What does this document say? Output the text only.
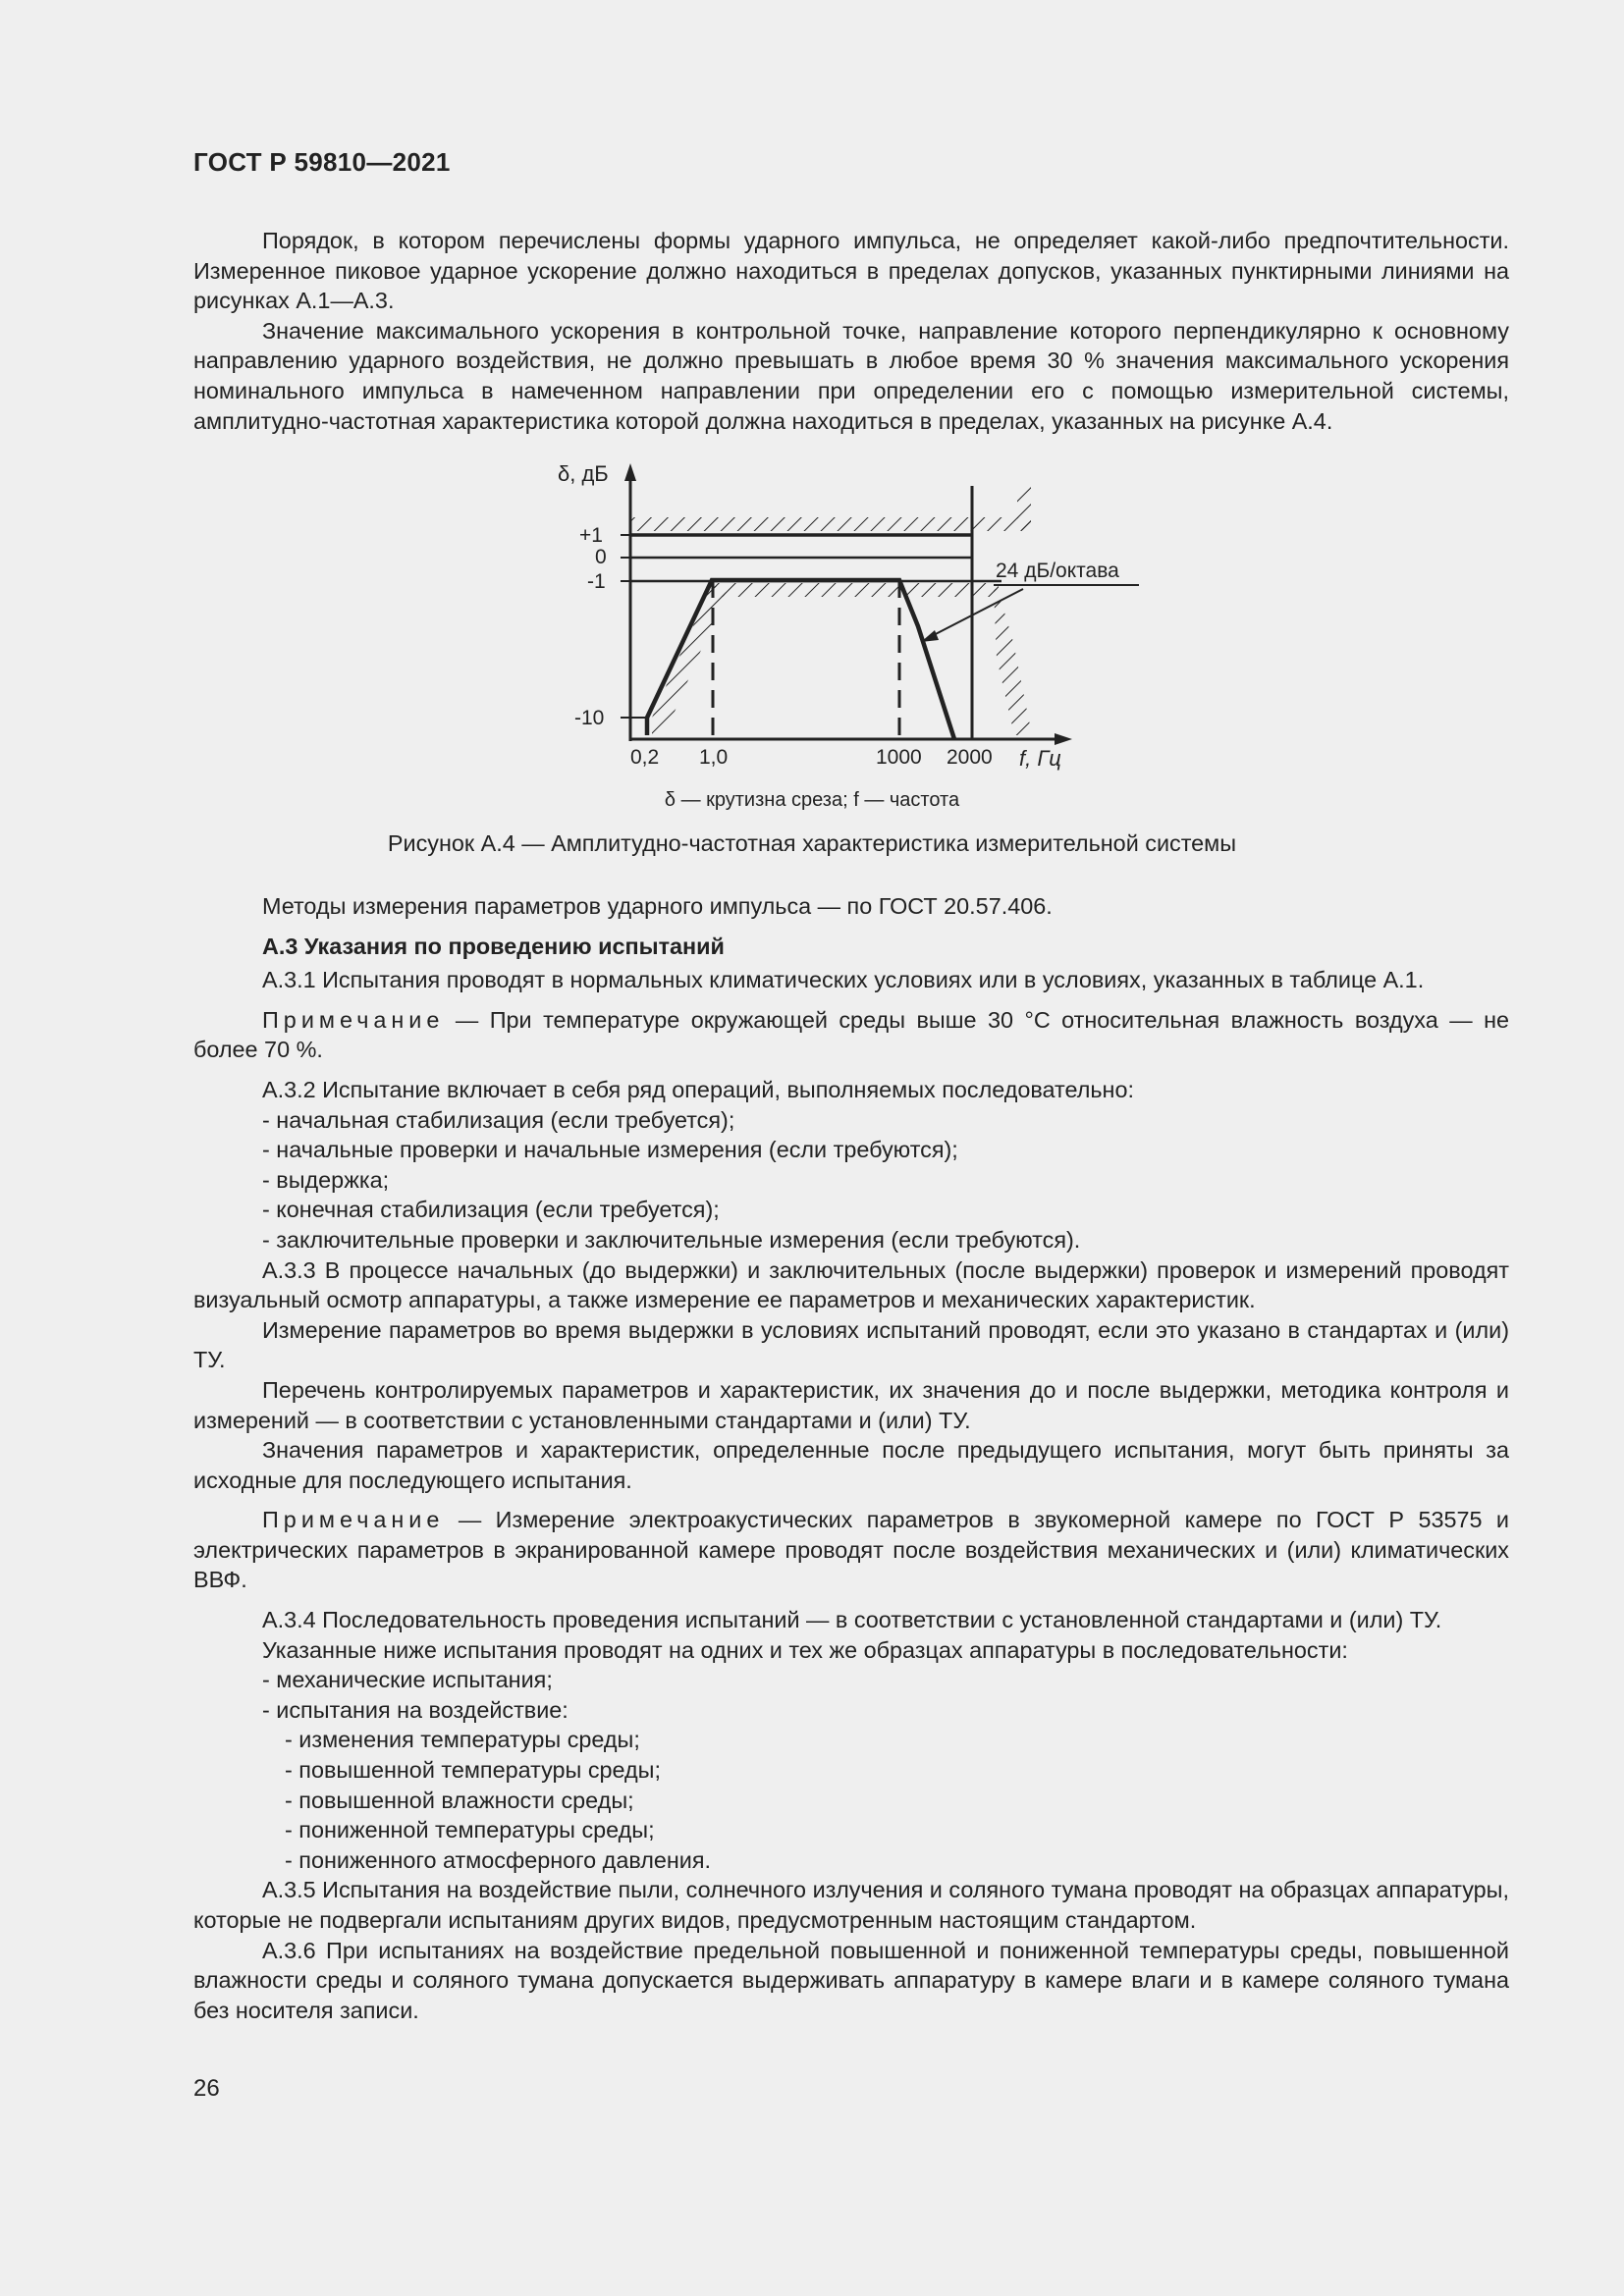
ГОСТ Р 59810—2021

Порядок, в котором перечислены формы ударного импульса, не определяет какой-либо предпочтительности. Измеренное пиковое ударное ускорение должно находиться в пределах допусков, указанных пунктирными линиями на рисунках А.1—А.3.

Значение максимального ускорения в контрольной точке, направление которого перпендикулярно к основному направлению ударного воздействия, не должно превышать в любое время 30 % значения максимального ускорения номинального импульса в намеченном направлении при определении его с помощью измерительной системы, амплитудно-частотная характеристика которой должна находиться в пределах, указанных на рисунке А.4.

δ, дБ
+1
0
-1
-10
0,2 1,0	1000 2000 f, Гц
24 дБ/октава
δ — крутизна среза; f — частота
Рисунок А.4 — Амплитудно-частотная характеристика измерительной системы

Методы измерения параметров ударного импульса — по ГОСТ 20.57.406.

А.3 Указания по проведению испытаний

А.3.1 Испытания проводят в нормальных климатических условиях или в условиях, указанных в таблице А.1.

Примечание — При температуре окружающей среды выше 30 °С относительная влажность воздуха — не более 70 %.

А.3.2 Испытание включает в себя ряд операций, выполняемых последовательно:

- начальная стабилизация (если требуется);

- начальные проверки и начальные измерения (если требуются);

- выдержка;

- конечная стабилизация (если требуется);

- заключительные проверки и заключительные измерения (если требуются).

А.3.3 В процессе начальных (до выдержки) и заключительных (после выдержки) проверок и измерений проводят визуальный осмотр аппаратуры, а также измерение ее параметров и механических характеристик.

Измерение параметров во время выдержки в условиях испытаний проводят, если это указано в стандартах и (или) ТУ.

Перечень контролируемых параметров и характеристик, их значения до и после выдержки, методика контроля и измерений — в соответствии с установленными стандартами и (или) ТУ.

Значения параметров и характеристик, определенные после предыдущего испытания, могут быть приняты за исходные для последующего испытания.

Примечание — Измерение электроакустических параметров в звукомерной камере по ГОСТ Р 53575 и электрических параметров в экранированной камере проводят после воздействия механических и (или) климатических ВВФ.

А.3.4 Последовательность проведения испытаний — в соответствии с установленной стандартами и (или) ТУ.

Указанные ниже испытания проводят на одних и тех же образцах аппаратуры в последовательности:

- механические испытания;

- испытания на воздействие:

- изменения температуры среды;

- повышенной температуры среды;

- повышенной влажности среды;

- пониженной температуры среды;

- пониженного атмосферного давления.

А.3.5 Испытания на воздействие пыли, солнечного излучения и соляного тумана проводят на образцах аппаратуры, которые не подвергали испытаниям других видов, предусмотренным настоящим стандартом.

А.3.6 При испытаниях на воздействие предельной повышенной и пониженной температуры среды, повышенной влажности среды и соляного тумана допускается выдерживать аппаратуру в камере влаги и в камере соляного тумана без носителя записи.

26
